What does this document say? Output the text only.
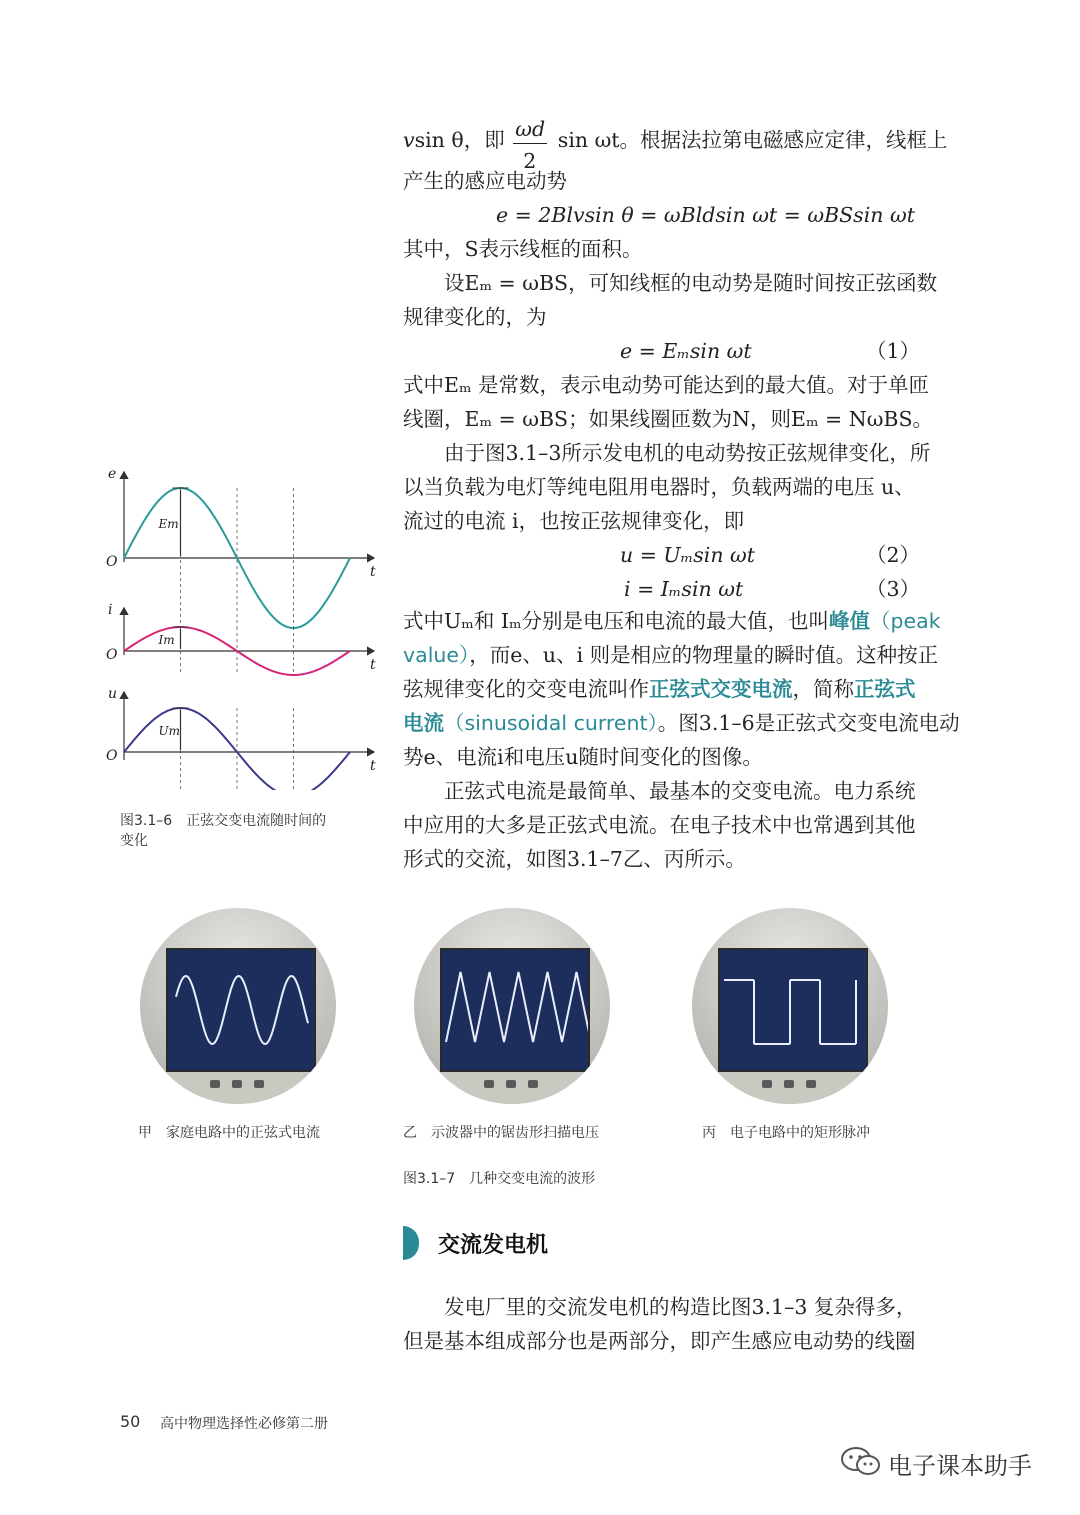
vsin θ，即 $\frac{\omega d}{2}$ sin ωt。根据法拉第电磁感应定律，线框上
产生的感应电动势
e = 2Blvsin θ = ωBldsin ωt = ωBSsin ωt
其中，S表示线框的面积。
设Eₘ = ωBS，可知线框的电动势是随时间按正弦函数
规律变化的，为
e = Eₘsin ωt	（1）
式中Eₘ 是常数，表示电动势可能达到的最大值。对于单匝
线圈，Eₘ = ωBS；如果线圈匝数为N，则Eₘ = NωBS。
由于图3.1–3所示发电机的电动势按正弦规律变化，所
以当负载为电灯等纯电阻用电器时，负载两端的电压 u、
流过的电流 i，也按正弦规律变化，即
u = Uₘsin ωt	（2）
i = Iₘsin ωt	（3）
式中Uₘ和 Iₘ分别是电压和电流的最大值，也叫峰值（peak
value），而e、u、i 则是相应的物理量的瞬时值。这种按正
弦规律变化的交变电流叫作正弦式交变电流，简称正弦式
电流（sinusoidal current）。图3.1–6是正弦式交变电流电动
势e、电流i和电压u随时间变化的图像。
正弦式电流是最简单、最基本的交变电流。电力系统
中应用的大多是正弦式电流。在电子技术中也常遇到其他
形式的交流，如图3.1–7乙、丙所示。
e
t
O
Em
i
t
O
Im
u
t
O
Um
图3.1–6　正弦交变电流随时间的
变化
甲　家庭电路中的正弦式电流	乙　示波器中的锯齿形扫描电压	丙　电子电路中的矩形脉冲
图3.1–7　几种交变电流的波形
交流发电机
发电厂里的交流发电机的构造比图3.1–3 复杂得多，
但是基本组成部分也是两部分，即产生感应电动势的线圈
50 高中物理选择性必修第二册
电子课本助手
